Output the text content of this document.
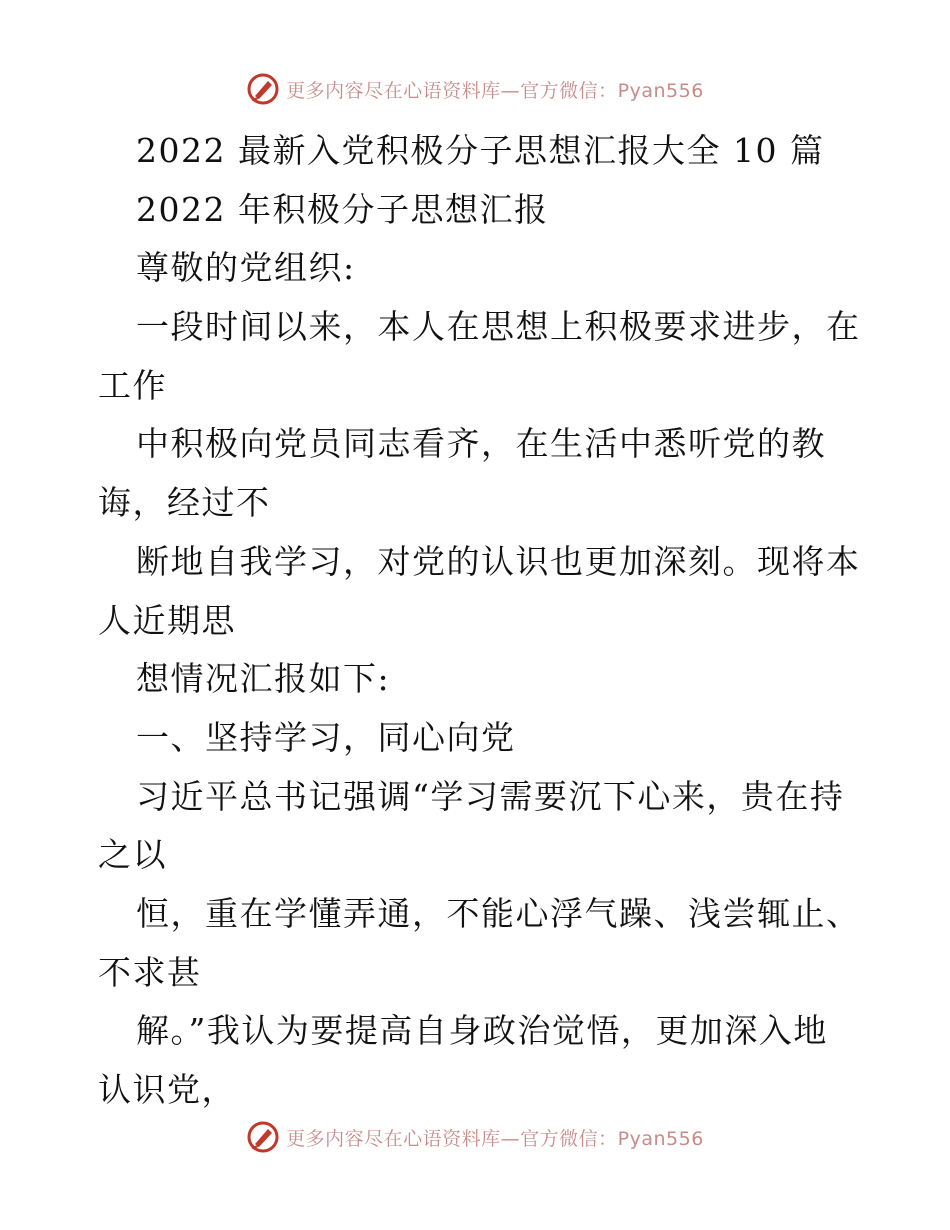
更多内容尽在心语资料库—官方微信：Pyan556
2022 最新入党积极分子思想汇报大全 10 篇
2022 年积极分子思想汇报
尊敬的党组织:
一段时间以来，本人在思想上积极要求进步，在
工作
中积极向党员同志看齐，在生活中悉听党的教
诲，经过不
断地自我学习，对党的认识也更加深刻。现将本
人近期思
想情况汇报如下:
一、坚持学习，同心向党
习近平总书记强调“学习需要沉下心来，贵在持
之以
恒，重在学懂弄通，不能心浮气躁、浅尝辄止、
不求甚
解。”我认为要提高自身政治觉悟，更加深入地
认识党，
更多内容尽在心语资料库—官方微信：Pyan556
